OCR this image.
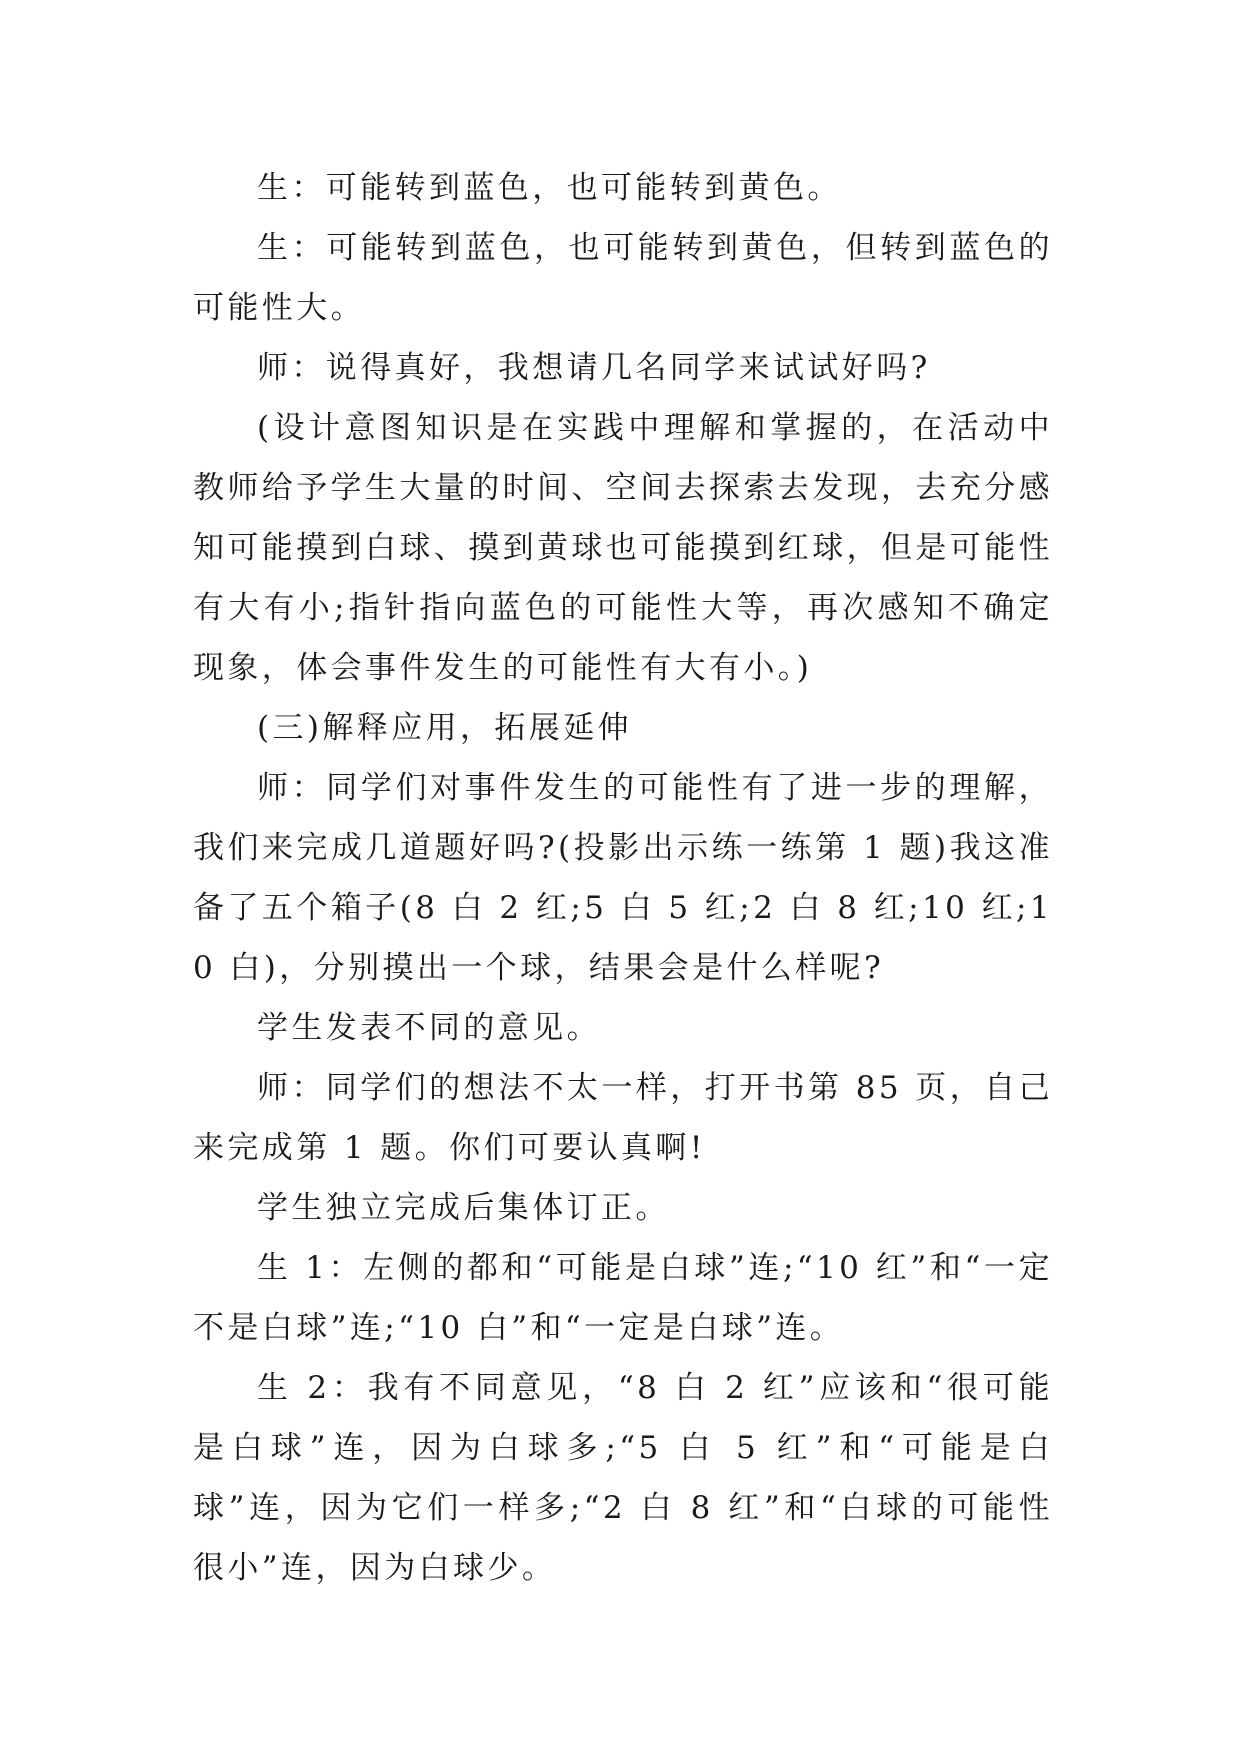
生：可能转到蓝色，也可能转到黄色。

生：可能转到蓝色，也可能转到黄色，但转到蓝色的可能性大。

师：说得真好，我想请几名同学来试试好吗?

(设计意图知识是在实践中理解和掌握的，在活动中教师给予学生大量的时间、空间去探索去发现，去充分感知可能摸到白球、摸到黄球也可能摸到红球，但是可能性有大有小;指针指向蓝色的可能性大等，再次感知不确定现象，体会事件发生的可能性有大有小。)

(三)解释应用，拓展延伸

师：同学们对事件发生的可能性有了进一步的理解，我们来完成几道题好吗?(投影出示练一练第 1 题)我这准备了五个箱子(8 白 2 红;5 白 5 红;2 白 8 红;10 红;10 白)，分别摸出一个球，结果会是什么样呢?

学生发表不同的意见。

师：同学们的想法不太一样，打开书第 85 页，自己来完成第 1 题。你们可要认真啊!

学生独立完成后集体订正。

生 1：左侧的都和“可能是白球”连;“10 红”和“一定不是白球”连;“10 白”和“一定是白球”连。

生 2：我有不同意见，“8 白 2 红”应该和“很可能是白球”连，因为白球多;“5 白 5 红”和“可能是白球”连，因为它们一样多;“2 白 8 红”和“白球的可能性很小”连，因为白球少。
